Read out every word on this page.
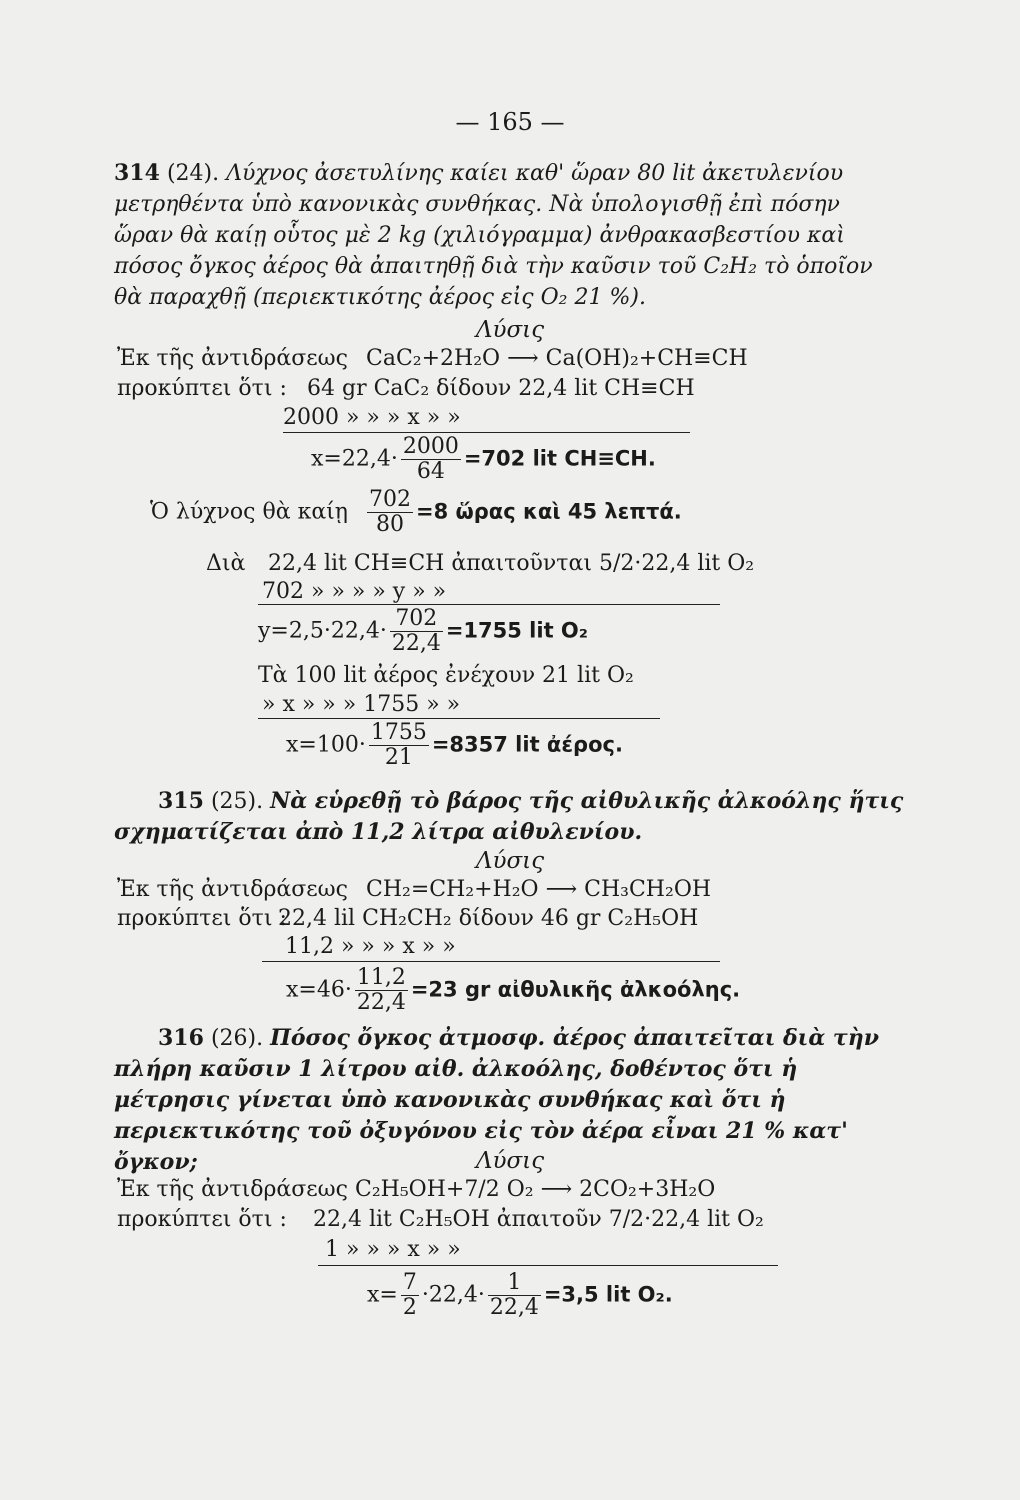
— 165 —
314 (24). Λύχνος ἀσετυλίνης καίει καθ' ὥραν 80 lit ἀκετυλενίου μετρηθέντα ὑπὸ κανονικὰς συνθήκας. Νὰ ὑπολογισθῇ ἐπὶ πόσην ὥραν θὰ καίῃ οὗτος μὲ 2 kg (χιλιόγραμμα) ἀνθρακασβεστίου καὶ πόσος ὄγκος ἀέρος θὰ ἀπαιτηθῇ διὰ τὴν καῦσιν τοῦ C₂H₂ τὸ ὁποῖον θὰ παραχθῇ (περιεκτικότης ἀέρος εἰς O₂ 21 %).
Λύσις
Ἐκ τῆς ἀντιδράσεως CaC₂+2H₂O ⟶ Ca(OH)₂+CH≡CH
προκύπτει ὅτι : 64 gr CaC₂ δίδουν 22,4 lit CH≡CH
2000 » » » x » »
$x=22,4\cdot \frac{2000}{64} =702$ lit CH≡CH.
Ὁ λύχνος θὰ καίῃ $\frac{702}{80} =8$ ὥρας καὶ 45 λεπτά.
Διὰ 22,4 lit CH≡CH ἀπαιτοῦνται 5/2·22,4 lit O₂
702 » » » » y » »
$y=2,5\cdot 22,4\cdot \frac{702}{22,4} =1755$ lit O₂
Τὰ 100 lit ἀέρος ἐνέχουν 21 lit O₂
» x » » » 1755 » »
$x=100\cdot \frac{1755}{21} =8357$ lit ἀέρος.
315 (25). Νὰ εὑρεθῇ τὸ βάρος τῆς αἰθυλικῆς ἀλκοόλης ἥτις σχηματίζεται ἀπὸ 11,2 λίτρα αἰθυλενίου.
Λύσις
Ἐκ τῆς ἀντιδράσεως CH₂=CH₂+H₂O ⟶ CH₃CH₂OH
προκύπτει ὅτι :
22,4 lil CH₂CH₂ δίδουν 46 gr C₂H₅OH
11,2 » » » x » »
$x=46\cdot \frac{11,2}{22,4} =23$ gr αἰθυλικῆς ἀλκοόλης.
316 (26). Πόσος ὄγκος ἀτμοσφ. ἀέρος ἀπαιτεῖται διὰ τὴν πλήρη καῦσιν 1 λίτρου αἰθ. ἀλκοόλης, δοθέντος ὅτι ἡ μέτρησις γίνεται ὑπὸ κανονικὰς συνθήκας καὶ ὅτι ἡ περιεκτικότης τοῦ ὀξυγόνου εἰς τὸν ἀέρα εἶναι 21 % κατ' ὄγκον;	Λύσις
Ἐκ τῆς ἀντιδράσεως C₂H₅OH+7/2 O₂ ⟶ 2CO₂+3H₂O
προκύπτει ὅτι : 22,4 lit C₂H₅OH ἀπαιτοῦν 7/2·22,4 lit O₂
1 » » » x » »
$x= \frac{7}{2} \cdot 22,4\cdot \frac{1}{22,4} =3,5$ lit O₂.
